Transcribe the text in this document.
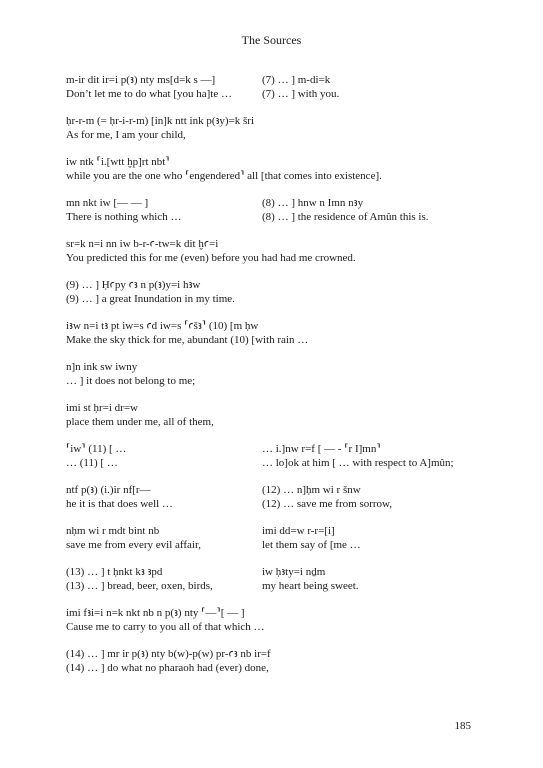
The Sources
m-ir dit ir=i p(ꜣ) nty ms[d=k s —]	(7) … ] m-di=k
Don’t let me to do what [you ha]te …	(7) … ] with you.
ḥr-r-m (= ḥr-i-r-m) [in]k ntt ink p(ꜣy)=k šri
As for me, I am your child,
iw ntk ⸢i.[wtt ḫp]rt nbt⸣
while you are the one who ⸢engendered⸣ all [that comes into existence].
mn nkt iw [— — ]	(8) … ] hnw n Imn nꜣy
There is nothing which …	(8) … ] the residence of Amûn this is.
sr=k n=i nn iw b-r-ꜥ-tw=k dit ḫꜥ=i
You predicted this for me (even) before you had had me crowned.
(9) … ] Ḥꜥpy ꜥꜣ n p(ꜣ)y=i hꜣw
(9) … ] a great Inundation in my time.
iꜣw n=i tꜣ pt iw=s ꜥd iw=s ⸢ꜥšꜣ⸣ (10) [m ḥw
Make the sky thick for me, abundant (10) [with rain …
n]n ink sw iwny
… ] it does not belong to me;
imi st ḥr=i dr=w
place them under me, all of them,
⸢iw⸣ (11) [ …	… i.]nw r=f [ — - ⸢r I]mn⸣
… (11) [ …	… lo]ok at him [ … with respect to A]mûn;
ntf p(ꜣ) (i.)ir nf[r—	(12) … n]ḥm wi r šnw
he it is that does well …	(12) … save me from sorrow,
nḥm wi r mdt bint nb	imi dd=w r-r=[i]
save me from every evil affair,	let them say of [me …
(13) … ] t ḥnkt kꜣ ꜣpd	iw ḥꜣty=i nḏm
(13) … ] bread, beer, oxen, birds,	my heart being sweet.
imi fꜣi=i n=k nkt nb n p(ꜣ) nty ⸢—⸣[ — ]
Cause me to carry to you all of that which …
(14) … ] mr ir p(ꜣ) nty b(w)-p(w) pr-ꜥꜣ nb ir=f
(14) … ] do what no pharaoh had (ever) done,
185
